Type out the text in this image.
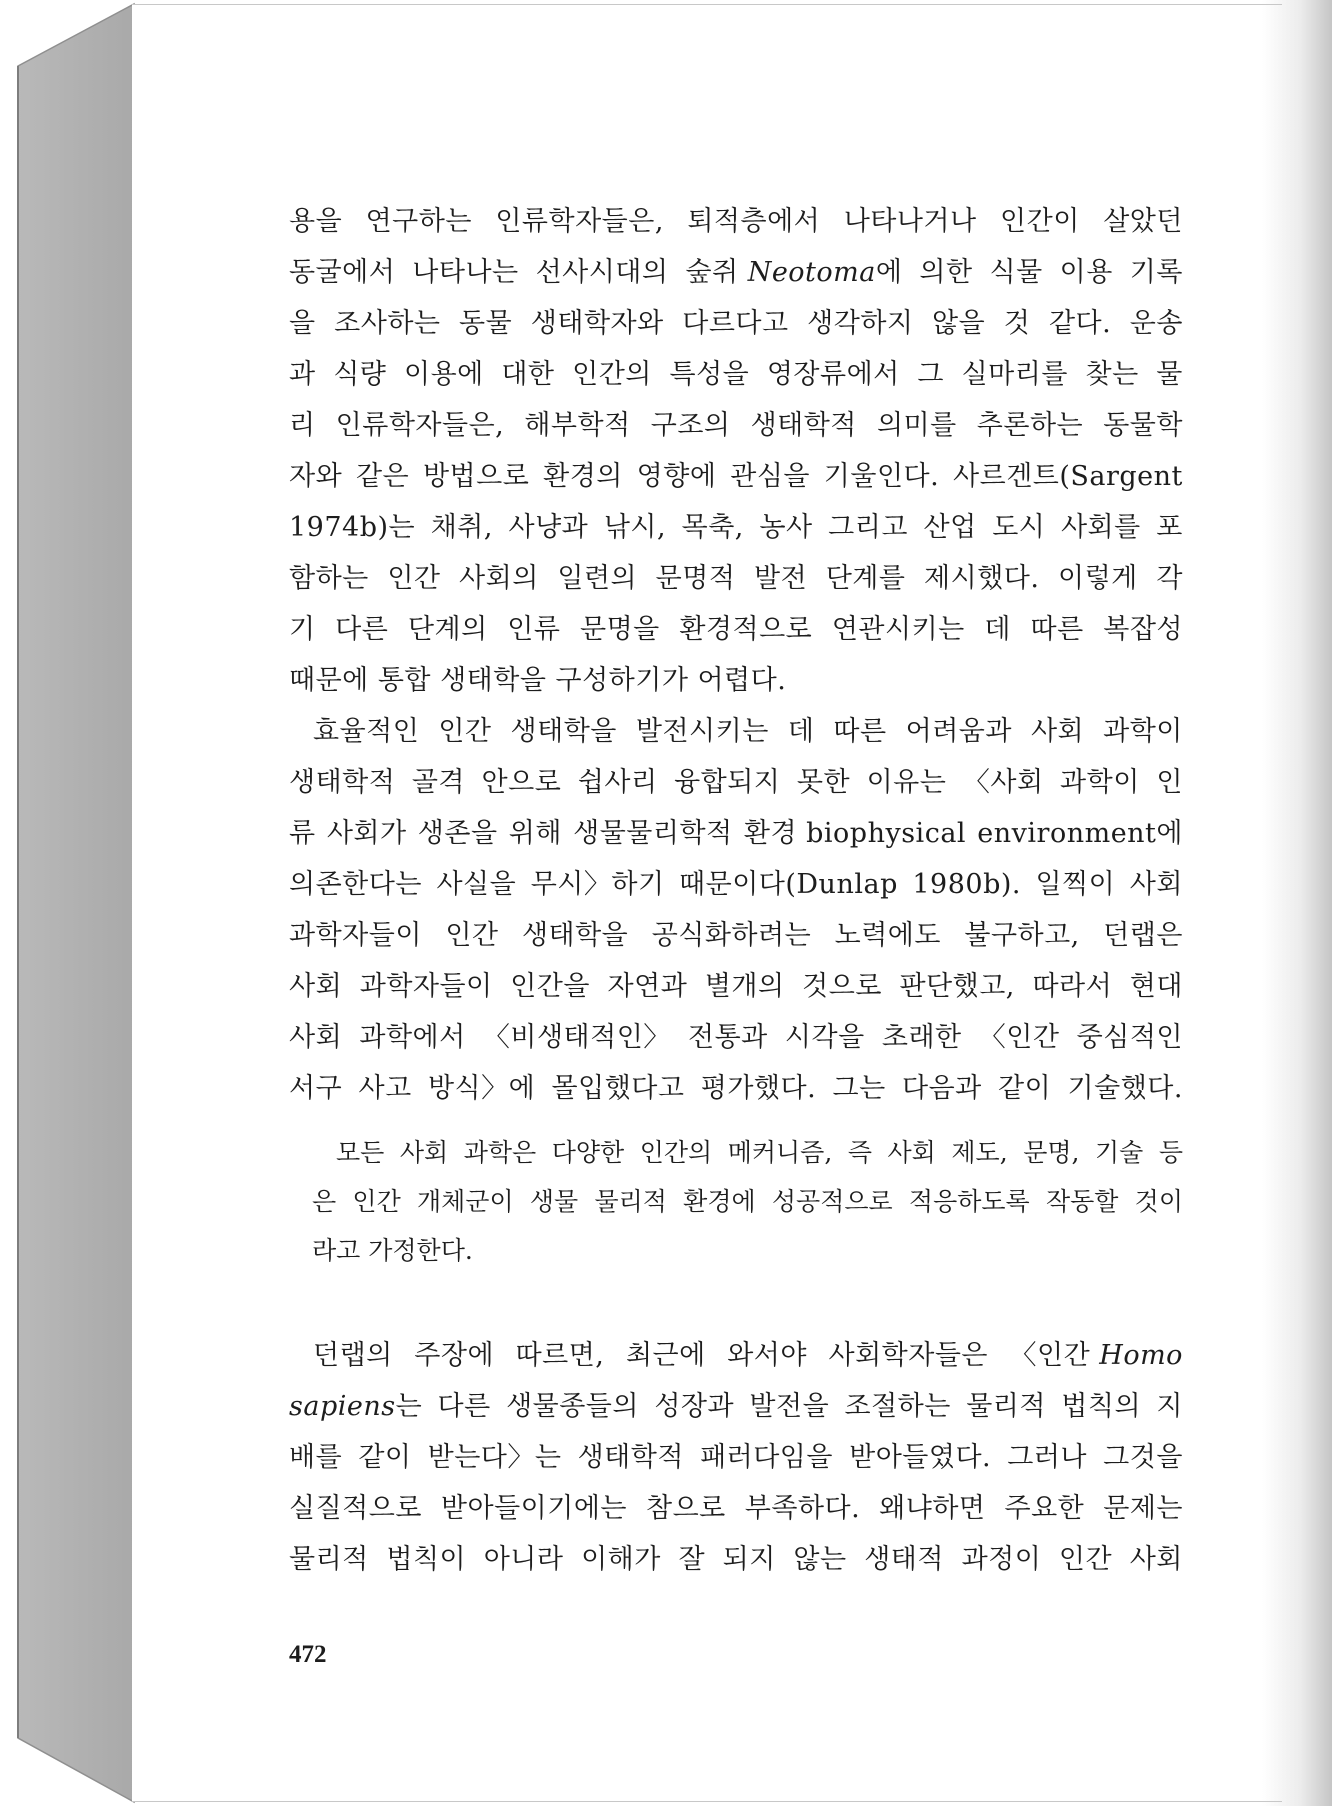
용을 연구하는 인류학자들은, 퇴적층에서 나타나거나 인간이 살았던
동굴에서 나타나는 선사시대의 숲쥐 Neotoma에 의한 식물 이용 기록
을 조사하는 동물 생태학자와 다르다고 생각하지 않을 것 같다. 운송
과 식량 이용에 대한 인간의 특성을 영장류에서 그 실마리를 찾는 물
리 인류학자들은, 해부학적 구조의 생태학적 의미를 추론하는 동물학
자와 같은 방법으로 환경의 영향에 관심을 기울인다. 사르겐트(Sargent
1974b)는 채취, 사냥과 낚시, 목축, 농사 그리고 산업 도시 사회를 포
함하는 인간 사회의 일련의 문명적 발전 단계를 제시했다. 이렇게 각
기 다른 단계의 인류 문명을 환경적으로 연관시키는 데 따른 복잡성
때문에 통합 생태학을 구성하기가 어렵다.
효율적인 인간 생태학을 발전시키는 데 따른 어려움과 사회 과학이
생태학적 골격 안으로 쉽사리 융합되지 못한 이유는 〈사회 과학이 인
류 사회가 생존을 위해 생물물리학적 환경 biophysical environment에
의존한다는 사실을 무시〉하기 때문이다(Dunlap 1980b). 일찍이 사회
과학자들이 인간 생태학을 공식화하려는 노력에도 불구하고, 던랩은
사회 과학자들이 인간을 자연과 별개의 것으로 판단했고, 따라서 현대
사회 과학에서 〈비생태적인〉 전통과 시각을 초래한 〈인간 중심적인
서구 사고 방식〉에 몰입했다고 평가했다. 그는 다음과 같이 기술했다.
모든 사회 과학은 다양한 인간의 메커니즘, 즉 사회 제도, 문명, 기술 등
은 인간 개체군이 생물 물리적 환경에 성공적으로 적응하도록 작동할 것이
라고 가정한다.
던랩의 주장에 따르면, 최근에 와서야 사회학자들은 〈인간 Homo
sapiens는 다른 생물종들의 성장과 발전을 조절하는 물리적 법칙의 지
배를 같이 받는다〉는 생태학적 패러다임을 받아들였다. 그러나 그것을
실질적으로 받아들이기에는 참으로 부족하다. 왜냐하면 주요한 문제는
물리적 법칙이 아니라 이해가 잘 되지 않는 생태적 과정이 인간 사회
472
